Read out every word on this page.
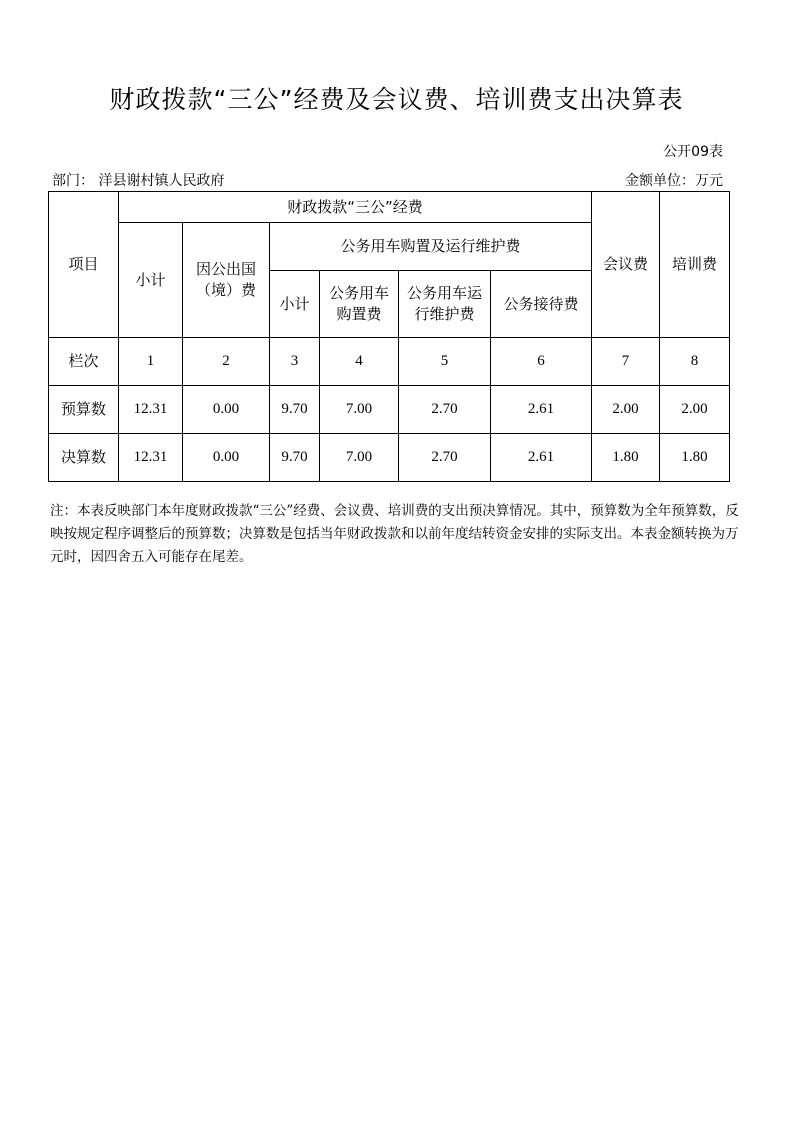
财政拨款“三公”经费及会议费、培训费支出决算表
公开09表
部门： 洋县谢村镇人民政府	金额单位：万元
项目	财政拨款“三公”经费						会议费	培训费
	小计	因公出国（境）费	公务用车购置及运行维护费					
			小计	公务用车购置费	公务用车运行维护费	公务接待费		
栏次	1	2	3	4	5	6	7	8
预算数	12.31	0.00	9.70	7.00	2.70	2.61	2.00	2.00
决算数	12.31	0.00	9.70	7.00	2.70	2.61	1.80	1.80
注：本表反映部门本年度财政拨款“三公”经费、会议费、培训费的支出预决算情况。其中，预算数为全年预算数，反映按规定程序调整后的预算数；决算数是包括当年财政拨款和以前年度结转资金安排的实际支出。本表金额转换为万元时，因四舍五入可能存在尾差。
